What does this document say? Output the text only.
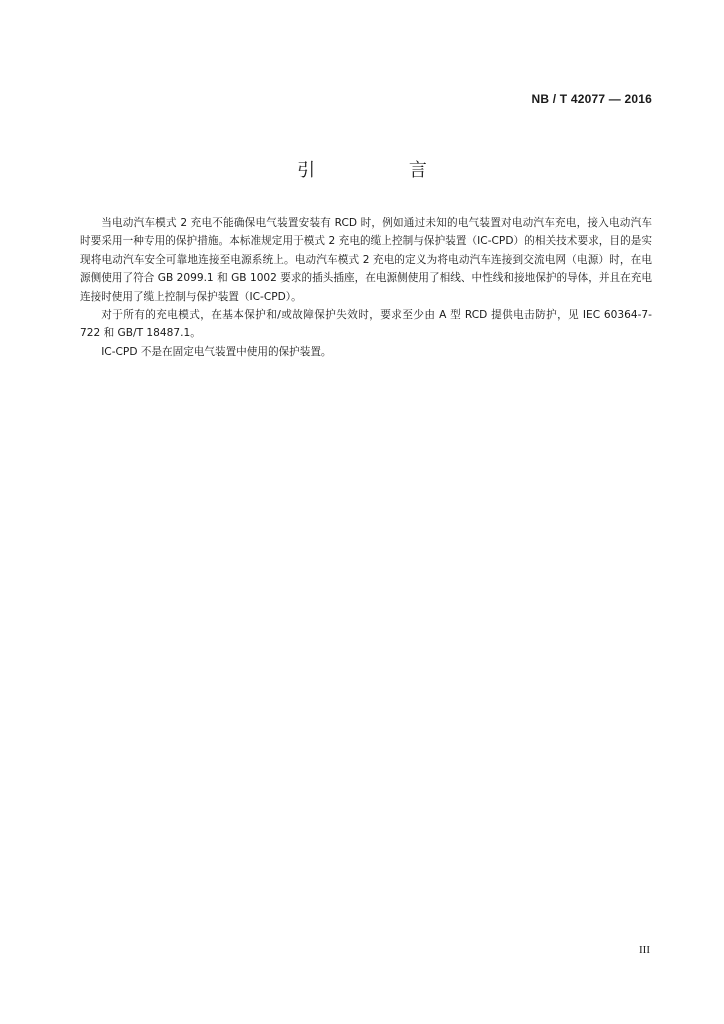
NB / T 42077 — 2016
引 言

当电动汽车模式 2 充电不能确保电气装置安装有 RCD 时，例如通过未知的电气装置对电动汽车充电，接入电动汽车时要采用一种专用的保护措施。本标准规定用于模式 2 充电的缆上控制与保护装置（IC-CPD）的相关技术要求，目的是实现将电动汽车安全可靠地连接至电源系统上。电动汽车模式 2 充电的定义为将电动汽车连接到交流电网（电源）时，在电源侧使用了符合 GB 2099.1 和 GB 1002 要求的插头插座，在电源侧使用了相线、中性线和接地保护的导体，并且在充电连接时使用了缆上控制与保护装置（IC-CPD）。

对于所有的充电模式，在基本保护和/或故障保护失效时，要求至少由 A 型 RCD 提供电击防护，见 IEC 60364-7-722 和 GB/T 18487.1。

IC-CPD 不是在固定电气装置中使用的保护装置。

III
